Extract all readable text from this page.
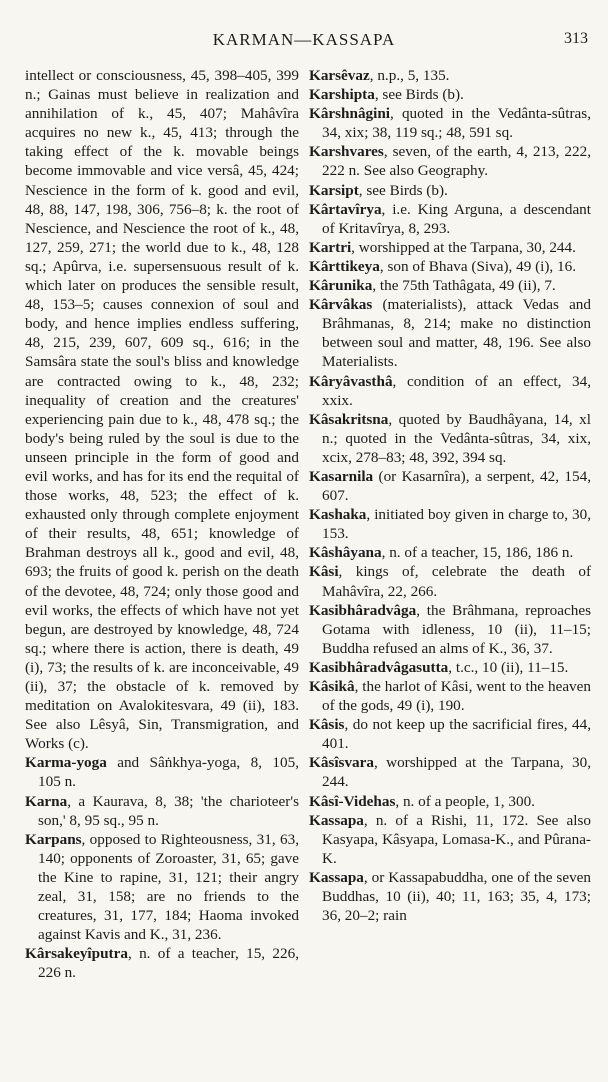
KARMAN—KASSAPA	313
intellect or consciousness, 45, 398–405, 399 n.; Gainas must believe in realization and annihilation of k., 45, 407; Mahâvîra acquires no new k., 45, 413; through the taking effect of the k. movable beings become immovable and vice versâ, 45, 424; Nescience in the form of k. good and evil, 48, 88, 147, 198, 306, 756–8; k. the root of Nescience, and Nescience the root of k., 48, 127, 259, 271; the world due to k., 48, 128 sq.; Apûrva, i.e. supersensuous result of k. which later on produces the sensible result, 48, 153–5; causes connexion of soul and body, and hence implies endless suffering, 48, 215, 239, 607, 609 sq., 616; in the Samsâra state the soul's bliss and knowledge are contracted owing to k., 48, 232; inequality of creation and the creatures' experiencing pain due to k., 48, 478 sq.; the body's being ruled by the soul is due to the unseen principle in the form of good and evil works, and has for its end the requital of those works, 48, 523; the effect of k. exhausted only through complete enjoyment of their results, 48, 651; knowledge of Brahman destroys all k., good and evil, 48, 693; the fruits of good k. perish on the death of the devotee, 48, 724; only those good and evil works, the effects of which have not yet begun, are destroyed by knowledge, 48, 724 sq.; where there is action, there is death, 49 (i), 73; the results of k. are inconceivable, 49 (ii), 37; the obstacle of k. removed by meditation on Avalokitesvara, 49 (ii), 183. See also Lêsyâ, Sin, Transmigration, and Works (c).
Karma-yoga and Sâṅkhya-yoga, 8, 105, 105 n.
Karna, a Kaurava, 8, 38; 'the charioteer's son,' 8, 95 sq., 95 n.
Karpans, opposed to Righteousness, 31, 63, 140; opponents of Zoroaster, 31, 65; gave the Kine to rapine, 31, 121; their angry zeal, 31, 158; are no friends to the creatures, 31, 177, 184; Haoma invoked against Kavis and K., 31, 236.
Kârsakeyîputra, n. of a teacher, 15, 226, 226 n.
Karsêvaz, n.p., 5, 135.
Karshipta, see Birds (b).
Kârshnâgini, quoted in the Vedânta-sûtras, 34, xix; 38, 119 sq.; 48, 591 sq.
Karshvares, seven, of the earth, 4, 213, 222, 222 n. See also Geography.
Karsipt, see Birds (b).
Kârtavîrya, i.e. King Arguna, a descendant of Kritavîrya, 8, 293.
Kartri, worshipped at the Tarpana, 30, 244.
Kârttikeya, son of Bhava (Siva), 49 (i), 16.
Kârunika, the 75th Tathâgata, 49 (ii), 7.
Kârvâkas (materialists), attack Vedas and Brâhmanas, 8, 214; make no distinction between soul and matter, 48, 196. See also Materialists.
Kâryâvasthâ, condition of an effect, 34, xxix.
Kâsakritsna, quoted by Baudhâyana, 14, xl n.; quoted in the Vedânta-sûtras, 34, xix, xcix, 278–83; 48, 392, 394 sq.
Kasarnila (or Kasarnîra), a serpent, 42, 154, 607.
Kashaka, initiated boy given in charge to, 30, 153.
Kâshâyana, n. of a teacher, 15, 186, 186 n.
Kâsi, kings of, celebrate the death of Mahâvîra, 22, 266.
Kasibhâradvâga, the Brâhmana, reproaches Gotama with idleness, 10 (ii), 11–15; Buddha refused an alms of K., 36, 37.
Kasibhâradvâgasutta, t.c., 10 (ii), 11–15.
Kâsikâ, the harlot of Kâsi, went to the heaven of the gods, 49 (i), 190.
Kâsis, do not keep up the sacrificial fires, 44, 401.
Kâsîsvara, worshipped at the Tarpana, 30, 244.
Kâsî-Videhas, n. of a people, 1, 300.
Kassapa, n. of a Rishi, 11, 172. See also Kasyapa, Kâsyapa, Lomasa-K., and Pûrana-K.
Kassapa, or Kassapabuddha, one of the seven Buddhas, 10 (ii), 40; 11, 163; 35, 4, 173; 36, 20–2; rain
